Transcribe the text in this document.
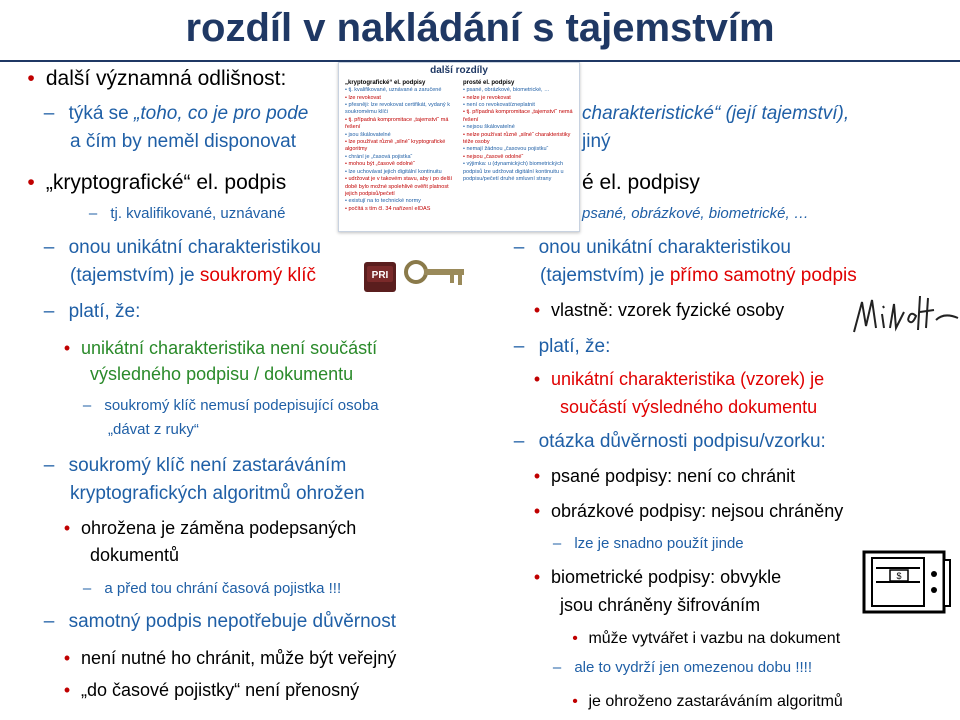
rozdíl v nakládání s tajemstvím
• další významná odlišnost:
– týká se „toho, co je pro pode
a čím by neměl disponovat
• „kryptografické“ el. podpis
– tj. kvalifikované, uznávané
– onou unikátní charakteristikou
(tajemstvím) je soukromý klíč	PRI
– platí, že:
• unikátní charakteristika není součástí
výsledného podpisu / dokumentu
– soukromý klíč nemusí podepisující osoba
„dávat z ruky“
– soukromý klíč není zastaráváním
kryptografických algoritmů ohrožen
• ohrožena je záměna podepsaných
dokumentů
– a před tou chrání časová pojistka !!!
– samotný podpis nepotřebuje důvěrnost
• není nutné ho chránit, může být veřejný
• „do časové pojistky“ není přenosný
charakteristické“ (její tajemství),
jiný
é el. podpisy
psané, obrázkové, biometrické, …
– onou unikátní charakteristikou
(tajemstvím) je přímo samotný podpis
• vlastně: vzorek fyzické osoby
– platí, že:
• unikátní charakteristika (vzorek) je
součástí výsledného dokumentu
– otázka důvěrnosti podpisu/vzorku:
• psané podpisy: není co chránit
• obrázkové podpisy: nejsou chráněny
– lze je snadno použít jinde
• biometrické podpisy: obvykle
jsou chráněny šifrováním
$
• může vytvářet i vazbu na dokument
– ale to vydrží jen omezenou dobu !!!!
• je ohroženo zastaráváním algoritmů
další rozdíly
„kryptografické“ el. podpisy
• tj. kvalifikované, uznávané a zaručené
• lze revokovat
• přesněji: lze revokovat certifikát, vydaný k soukromému klíči
• tj. případná kompromitace „tajemství“ má řešení
• jsou škálovatelné
• lze používat různě „silné“ kryptografické algoritmy
• chrání je „časová pojistka“
• mohou být „časově odolné“
• lze uchovávat jejich digitální kontinuitu
• udržovat je v takovém stavu, aby i po delší době bylo možné spolehlivě ověřit platnost jejich podpisů/pečetí
• existují na to technické normy
• počítá s tím čl. 34 nařízení eIDAS
prosté el. podpisy
• psané, obrázkové, biometrické, …
• nelze je revokovat
• není co revokovat/zneplatnit
• tj. případná kompromitace „tajemství“ nemá řešení
• nejsou škálovatelné
• nelze používat různě „silné“ charakteristiky téže osoby
• nemají žádnou „časovou pojistku“
• nejsou „časově odolné“
• výjimka: u (dynamických) biometrických podpisů lze udržovat digitální kontinuitu u podpisu/pečetí druhé smluvní strany
